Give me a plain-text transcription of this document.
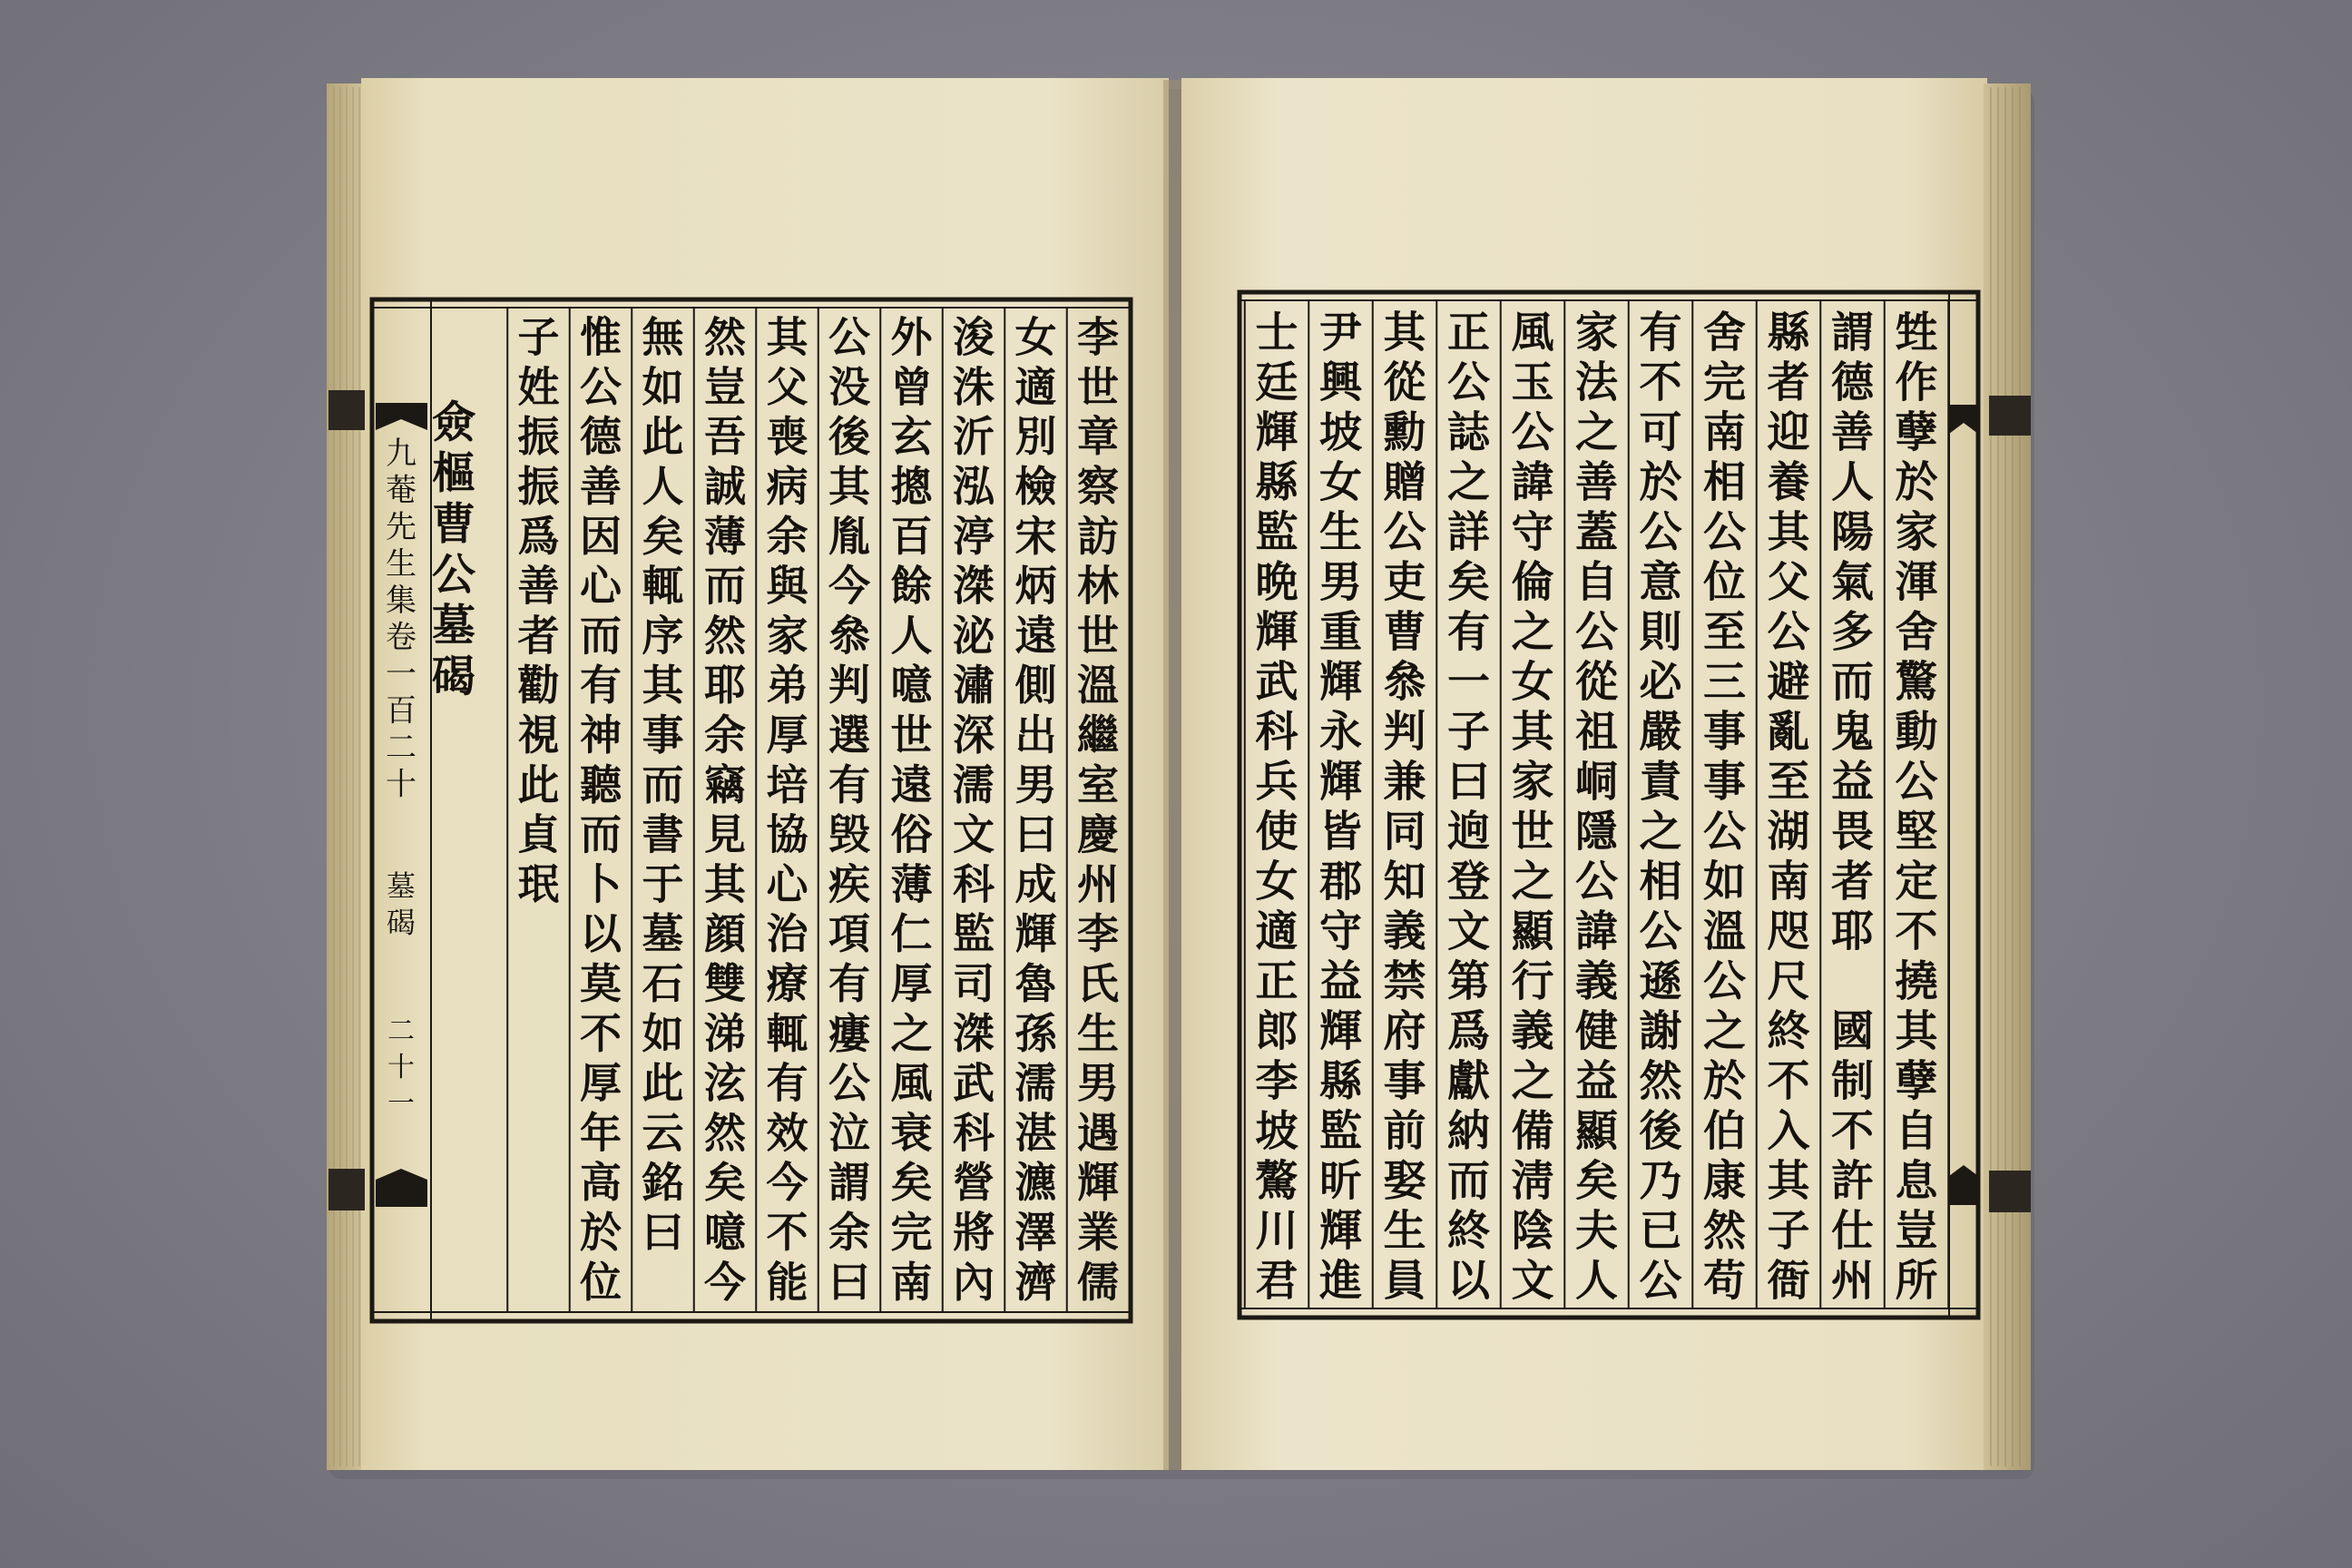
李
世
章
察
訪
林
世
溫
繼
室
慶
州
李
氏
生
男
遇
輝
業
儒
女
適
別
檢
宋
炳
遠
側
出
男
曰
成
輝
魯
孫
濡
湛
瀌
澤
濟
浚
洙
沂
泓
渟
滐
泌
潚
深
濡
文
科
監
司
滐
武
科
營
將
內
外
曾
玄
摠
百
餘
人
噫
世
遠
俗
薄
仁
厚
之
風
衰
矣
完
南
公
没
後
其
胤
今
叅
判
選
有
毁
疾
項
有
瘻
公
泣
謂
余
曰
其
父
喪
病
余
與
家
弟
厚
培
協
心
治
療
輒
有
效
今
不
能
然
豈
吾
誠
薄
而
然
耶
余
竊
見
其
顔
雙
涕
泫
然
矣
噫
今
無
如
此
人
矣
輒
序
其
事
而
書
于
墓
石
如
此
云
銘
曰
惟
公
德
善
因
心
而
有
神
聽
而
卜
以
莫
不
厚
年
高
於
位
子
姓
振
振
爲
善
者
勸
視
此
貞
珉
僉
樞
曹
公
墓
碣
九
菴
先
生
集
卷
一
百
二
十
墓
碣
二
十
一
甡
作
孽
於
家
渾
舍
驚
動
公
堅
定
不
撓
其
孽
自
息
豈
所
謂
德
善
人
陽
氣
多
而
鬼
益
畏
者
耶

國
制
不
許
仕
州
縣
者
迎
養
其
父
公
避
亂
至
湖
南
咫
尺
終
不
入
其
子
衙
舍
完
南
相
公
位
至
三
事
事
公
如
溫
公
之
於
伯
康
然
苟
有
不
可
於
公
意
則
必
嚴
責
之
相
公
遜
謝
然
後
乃
已
公
家
法
之
善
蓋
自
公
從
祖
峒
隱
公
諱
義
健
益
顯
矣
夫
人
風
玉
公
諱
守
倫
之
女
其
家
世
之
顯
行
義
之
備
淸
陰
文
正
公
誌
之
詳
矣
有
一
子
曰
逈
登
文
第
爲
獻
納
而
終
以
其
從
勳
贈
公
吏
曹
叅
判
兼
同
知
義
禁
府
事
前
娶
生
員
尹
興
坡
女
生
男
重
輝
永
輝
皆
郡
守
益
輝
縣
監
昕
輝
進
士
廷
輝
縣
監
晩
輝
武
科
兵
使
女
適
正
郎
李
坡
驁
川
君
